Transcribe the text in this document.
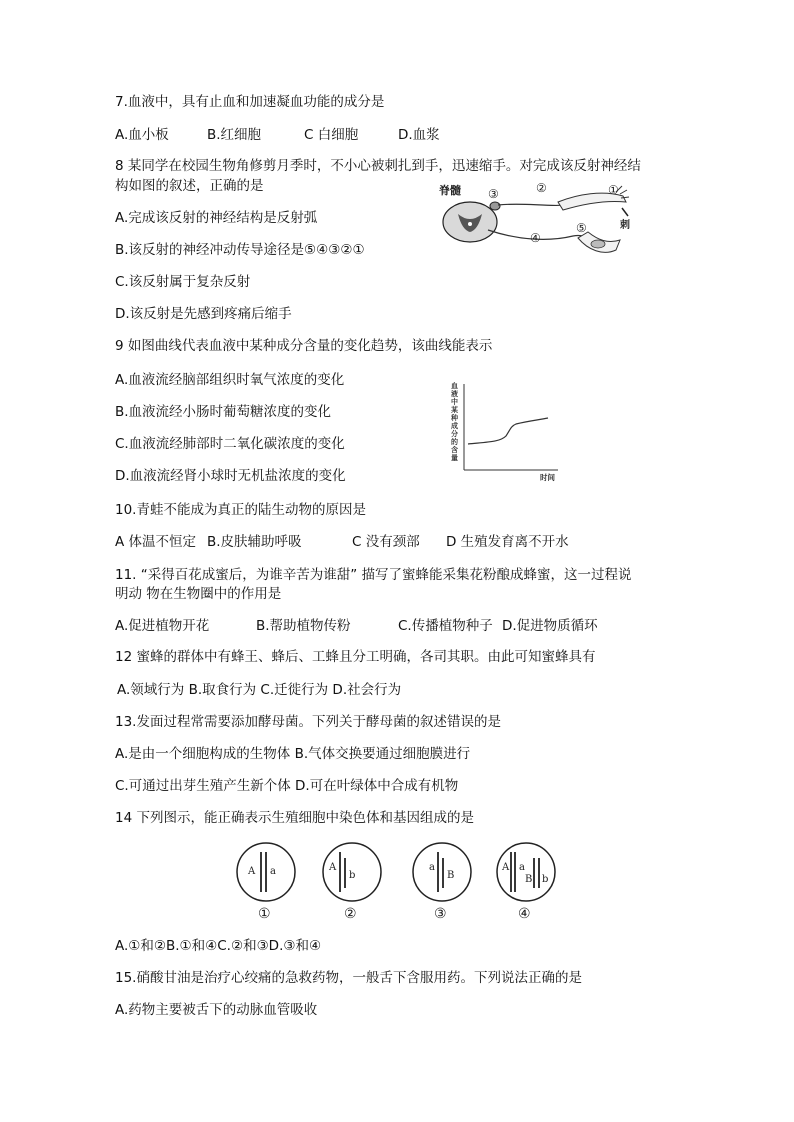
7.血液中，具有止血和加速凝血功能的成分是
A.血小板	B.红细胞	C 白细胞	D.血浆
8 某同学在校园生物角修剪月季时，不小心被刺扎到手，迅速缩手。对完成该反射神经结
构如图的叙述，正确的是
A.完成该反射的神经结构是反射弧
B.该反射的神经冲动传导途径是⑤④③②①
C.该反射属于复杂反射
D.该反射是先感到疼痛后缩手
脊髓	①
②
③
④
⑤	刺
9 如图曲线代表血液中某种成分含量的变化趋势，该曲线能表示
A.血液流经脑部组织时氧气浓度的变化
B.血液流经小肠时葡萄糖浓度的变化
C.血液流经肺部时二氧化碳浓度的变化
D.血液流经肾小球时无机盐浓度的变化
血
液
中
某
种
成
分
的
含
量
时间
10.青蛙不能成为真正的陆生动物的原因是
A 体温不恒定 B.皮肤辅助呼吸	C 没有颈部 D 生殖发育离不开水
11. “采得百花成蜜后，为谁辛苦为谁甜” 描写了蜜蜂能采集花粉酿成蜂蜜，这一过程说
明动 物在生物圈中的作用是
A.促进植物开花	B.帮助植物传粉	C.传播植物种子 D.促进物质循环
12 蜜蜂的群体中有蜂王、蜂后、工蜂且分工明确，各司其职。由此可知蜜蜂具有
A.领域行为 B.取食行为 C.迁徙行为 D.社会行为
13.发面过程常需要添加酵母菌。下列关于酵母菌的叙述错误的是
A.是由一个细胞构成的生物体 B.气体交换要通过细胞膜进行
C.可通过出芽生殖产生新个体 D.可在叶绿体中合成有机物
14 下列图示，能正确表示生殖细胞中染色体和基因组成的是
A a
①
A
b
②
a
B
③
A a
B b
④
A.①和②B.①和④C.②和③D.③和④
15.硝酸甘油是治疗心绞痛的急救药物，一般舌下含服用药。下列说法正确的是
A.药物主要被舌下的动脉血管吸收
